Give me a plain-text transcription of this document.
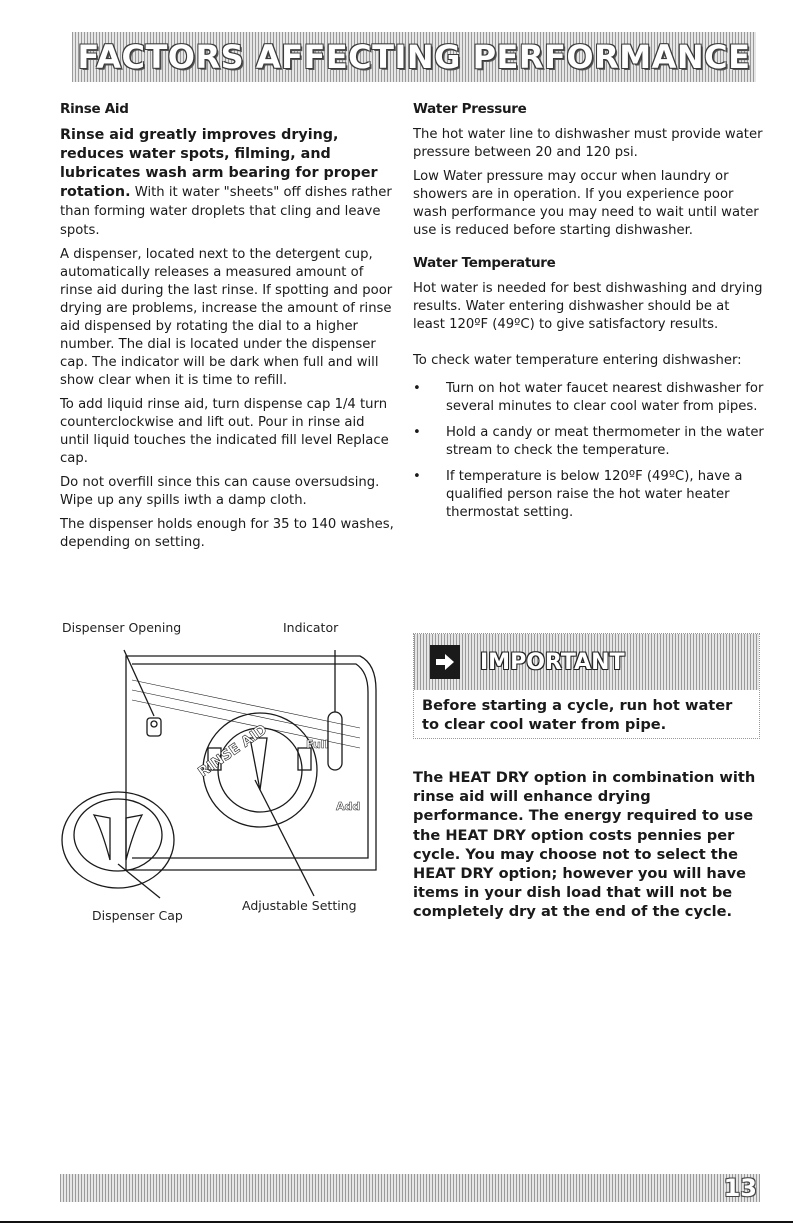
FACTORS AFFECTING PERFORMANCE
Rinse Aid

Rinse aid greatly improves drying, reduces water spots, filming, and lubricates wash arm bearing for proper rotation. With it water "sheets" off dishes rather than forming water droplets that cling and leave spots.

A dispenser, located next to the detergent cup, automatically releases a measured amount of rinse aid during the last rinse. If spotting and poor drying are problems, increase the amount of rinse aid dispensed by rotating the dial to a higher number. The dial is located under the dispenser cap. The indicator will be dark when full and will show clear when it is time to refill.

To add liquid rinse aid, turn dispense cap 1/4 turn counterclockwise and lift out. Pour in rinse aid until liquid touches the indicated fill level Replace cap.

Do not overfill since this can cause oversudsing. Wipe up any spills iwth a damp cloth.

The dispenser holds enough for 35 to 140 washes, depending on setting.

RINSE AID	Full
Add
Dispenser Opening	Indicator
Dispenser Cap
Adjustable Setting
Water Pressure

The hot water line to dishwasher must provide water pressure between 20 and 120 psi.

Low Water pressure may occur when laundry or showers are in operation. If you experience poor wash performance you may need to wait until water use is reduced before starting dishwasher.

Water Temperature

Hot water is needed for best dishwashing and drying results. Water entering dishwasher should be at least 120ºF (49ºC) to give satisfactory results.

To check water temperature entering dishwasher:

• Turn on hot water faucet nearest dishwasher for several minutes to clear cool water from pipes.
• Hold a candy or meat thermometer in the water stream to check the temperature.
• If temperature is below 120ºF (49ºC), have a qualified person raise the hot water heater thermostat setting.
IMPORTANT

Before starting a cycle, run hot water to clear cool water from pipe.

The HEAT DRY option in combination with rinse aid will enhance drying performance. The energy required to use the HEAT DRY option costs pennies per cycle. You may choose not to select the HEAT DRY option; however you will have items in your dish load that will not be completely dry at the end of the cycle.

13
